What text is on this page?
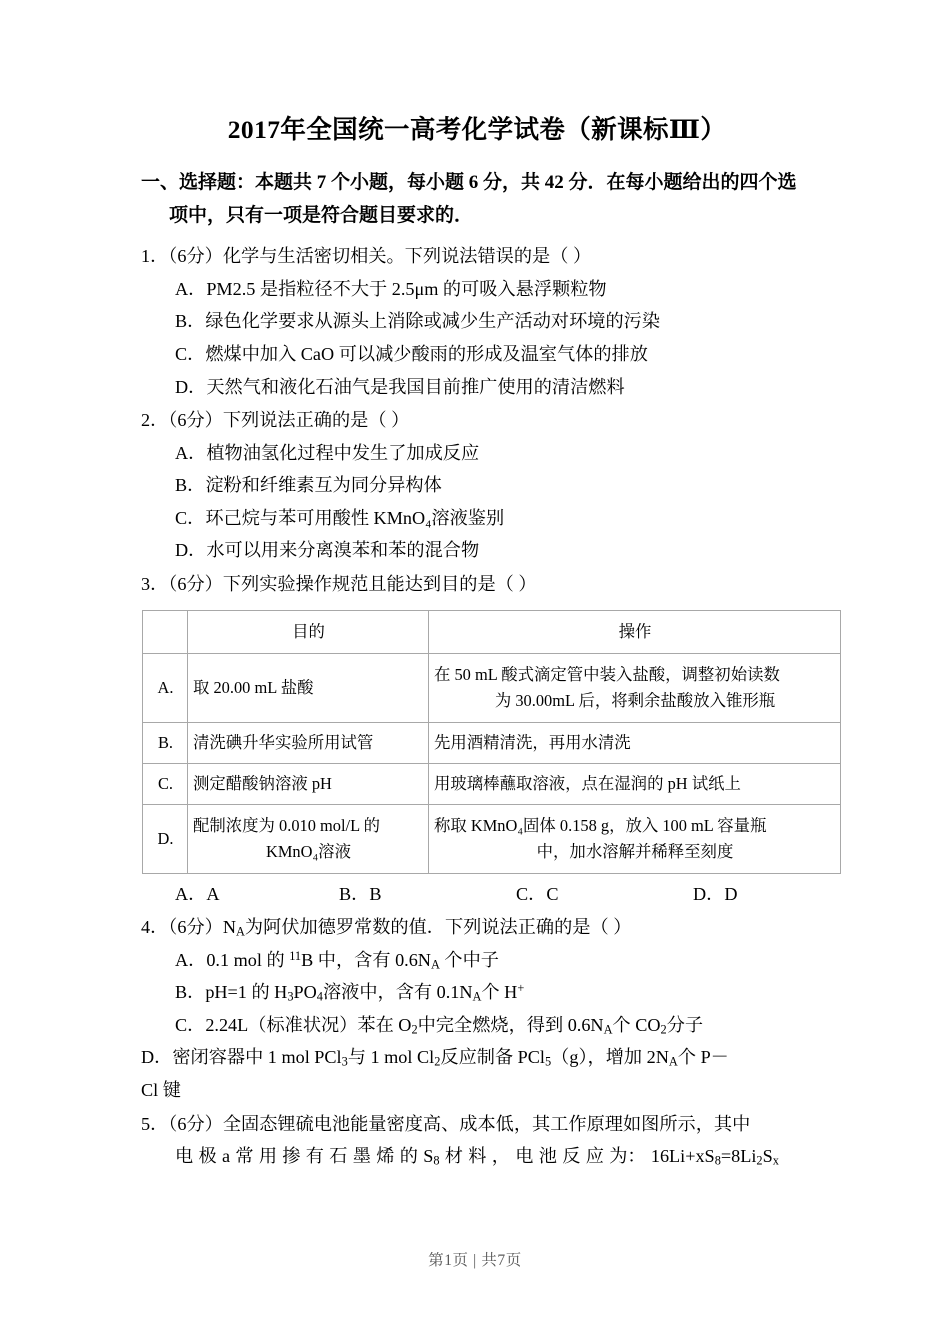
2017年全国统一高考化学试卷（新课标Ⅲ）
一、选择题：本题共 7 个小题，每小题 6 分，共 42 分．在每小题给出的四个选
项中，只有一项是符合题目要求的．

1．（6分）化学与生活密切相关。下列说法错误的是（ ）

A．PM2.5 是指粒径不大于 2.5μm 的可吸入悬浮颗粒物

B．绿色化学要求从源头上消除或减少生产活动对环境的污染

C．燃煤中加入 CaO 可以减少酸雨的形成及温室气体的排放

D．天然气和液化石油气是我国目前推广使用的清洁燃料

2．（6分）下列说法正确的是（ ）

A．植物油氢化过程中发生了加成反应

B．淀粉和纤维素互为同分异构体

C．环己烷与苯可用酸性 KMnO₄溶液鉴别

D．水可以用来分离溴苯和苯的混合物

3．（6分）下列实验操作规范且能达到目的是（ ）

	目的	操作
A.	取 20.00 mL 盐酸	在 50 mL 酸式滴定管中装入盐酸，调整初始读数
为 30.00mL 后，将剩余盐酸放入锥形瓶

B.	清洗碘升华实验所用试管	先用酒精清洗，再用水清洗
C.	测定醋酸钠溶液 pH	用玻璃棒蘸取溶液，点在湿润的 pH 试纸上
D.	配制浓度为 0.010 mol/L 的
KMnO₄溶液	称取 KMnO₄固体 0.158 g，放入 100 mL 容量瓶
中，加水溶解并稀释至刻度
A．A	B．B	C．C	D．D

4．（6分）$N_A$为阿伏加德罗常数的值．下列说法正确的是（ ）

A．0.1 mol 的 $^{11}$B 中，含有 $0.6N_A$ 个中子

B．pH=1 的 $H_3PO_4$溶液中，含有 $0.1N_A$个 H+

C．2.24L（标准状况）苯在 $O_2$中完全燃烧，得到 $0.6N_A$个 $CO_2$分子

D．密闭容器中 1 mol PCl$_3$与 1 mol $Cl_2$反应制备 PCl$_5$（g），增加 $2N_A$个 P－
Cl 键

5．（6分）全固态锂硫电池能量密度高、成本低，其工作原理如图所示，其中

电 极 a 常 用 掺 有 石 墨 烯 的 $S_8$ 材 料 ， 电 池 反 应 为： $16Li+xS_8=8Li_2S_x$

第1页 | 共7页
